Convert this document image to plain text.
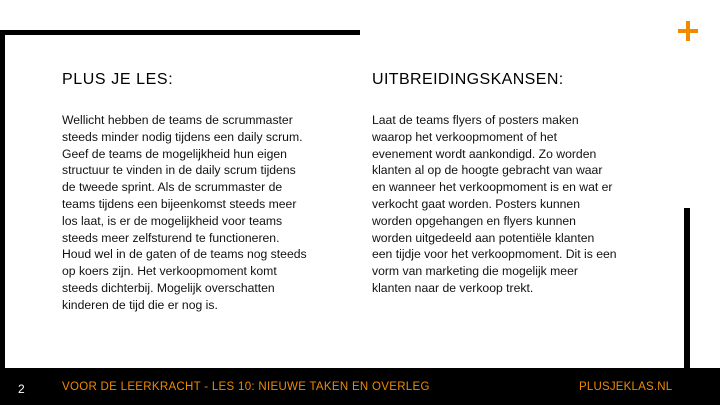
PLUS JE LES:

Wellicht hebben de teams de scrummaster
steeds minder nodig tijdens een daily scrum.
Geef de teams de mogelijkheid hun eigen
structuur te vinden in de daily scrum tijdens
de tweede sprint. Als de scrummaster de
teams tijdens een bijeenkomst steeds meer
los laat, is er de mogelijkheid voor teams
steeds meer zelfsturend te functioneren.
Houd wel in de gaten of de teams nog steeds
op koers zijn. Het verkoopmoment komt
steeds dichterbij. Mogelijk overschatten
kinderen de tijd die er nog is.

UITBREIDINGSKANSEN:

Laat de teams flyers of posters maken
waarop het verkoopmoment of het
evenement wordt aankondigd. Zo worden
klanten al op de hoogte gebracht van waar
en wanneer het verkoopmoment is en wat er
verkocht gaat worden. Posters kunnen
worden opgehangen en flyers kunnen
worden uitgedeeld aan potentiële klanten
een tijdje voor het verkoopmoment. Dit is een
vorm van marketing die mogelijk meer
klanten naar de verkoop trekt.

2	VOOR DE LEERKRACHT - LES 10: NIEUWE TAKEN EN OVERLEG	PLUSJEKLAS.NL
